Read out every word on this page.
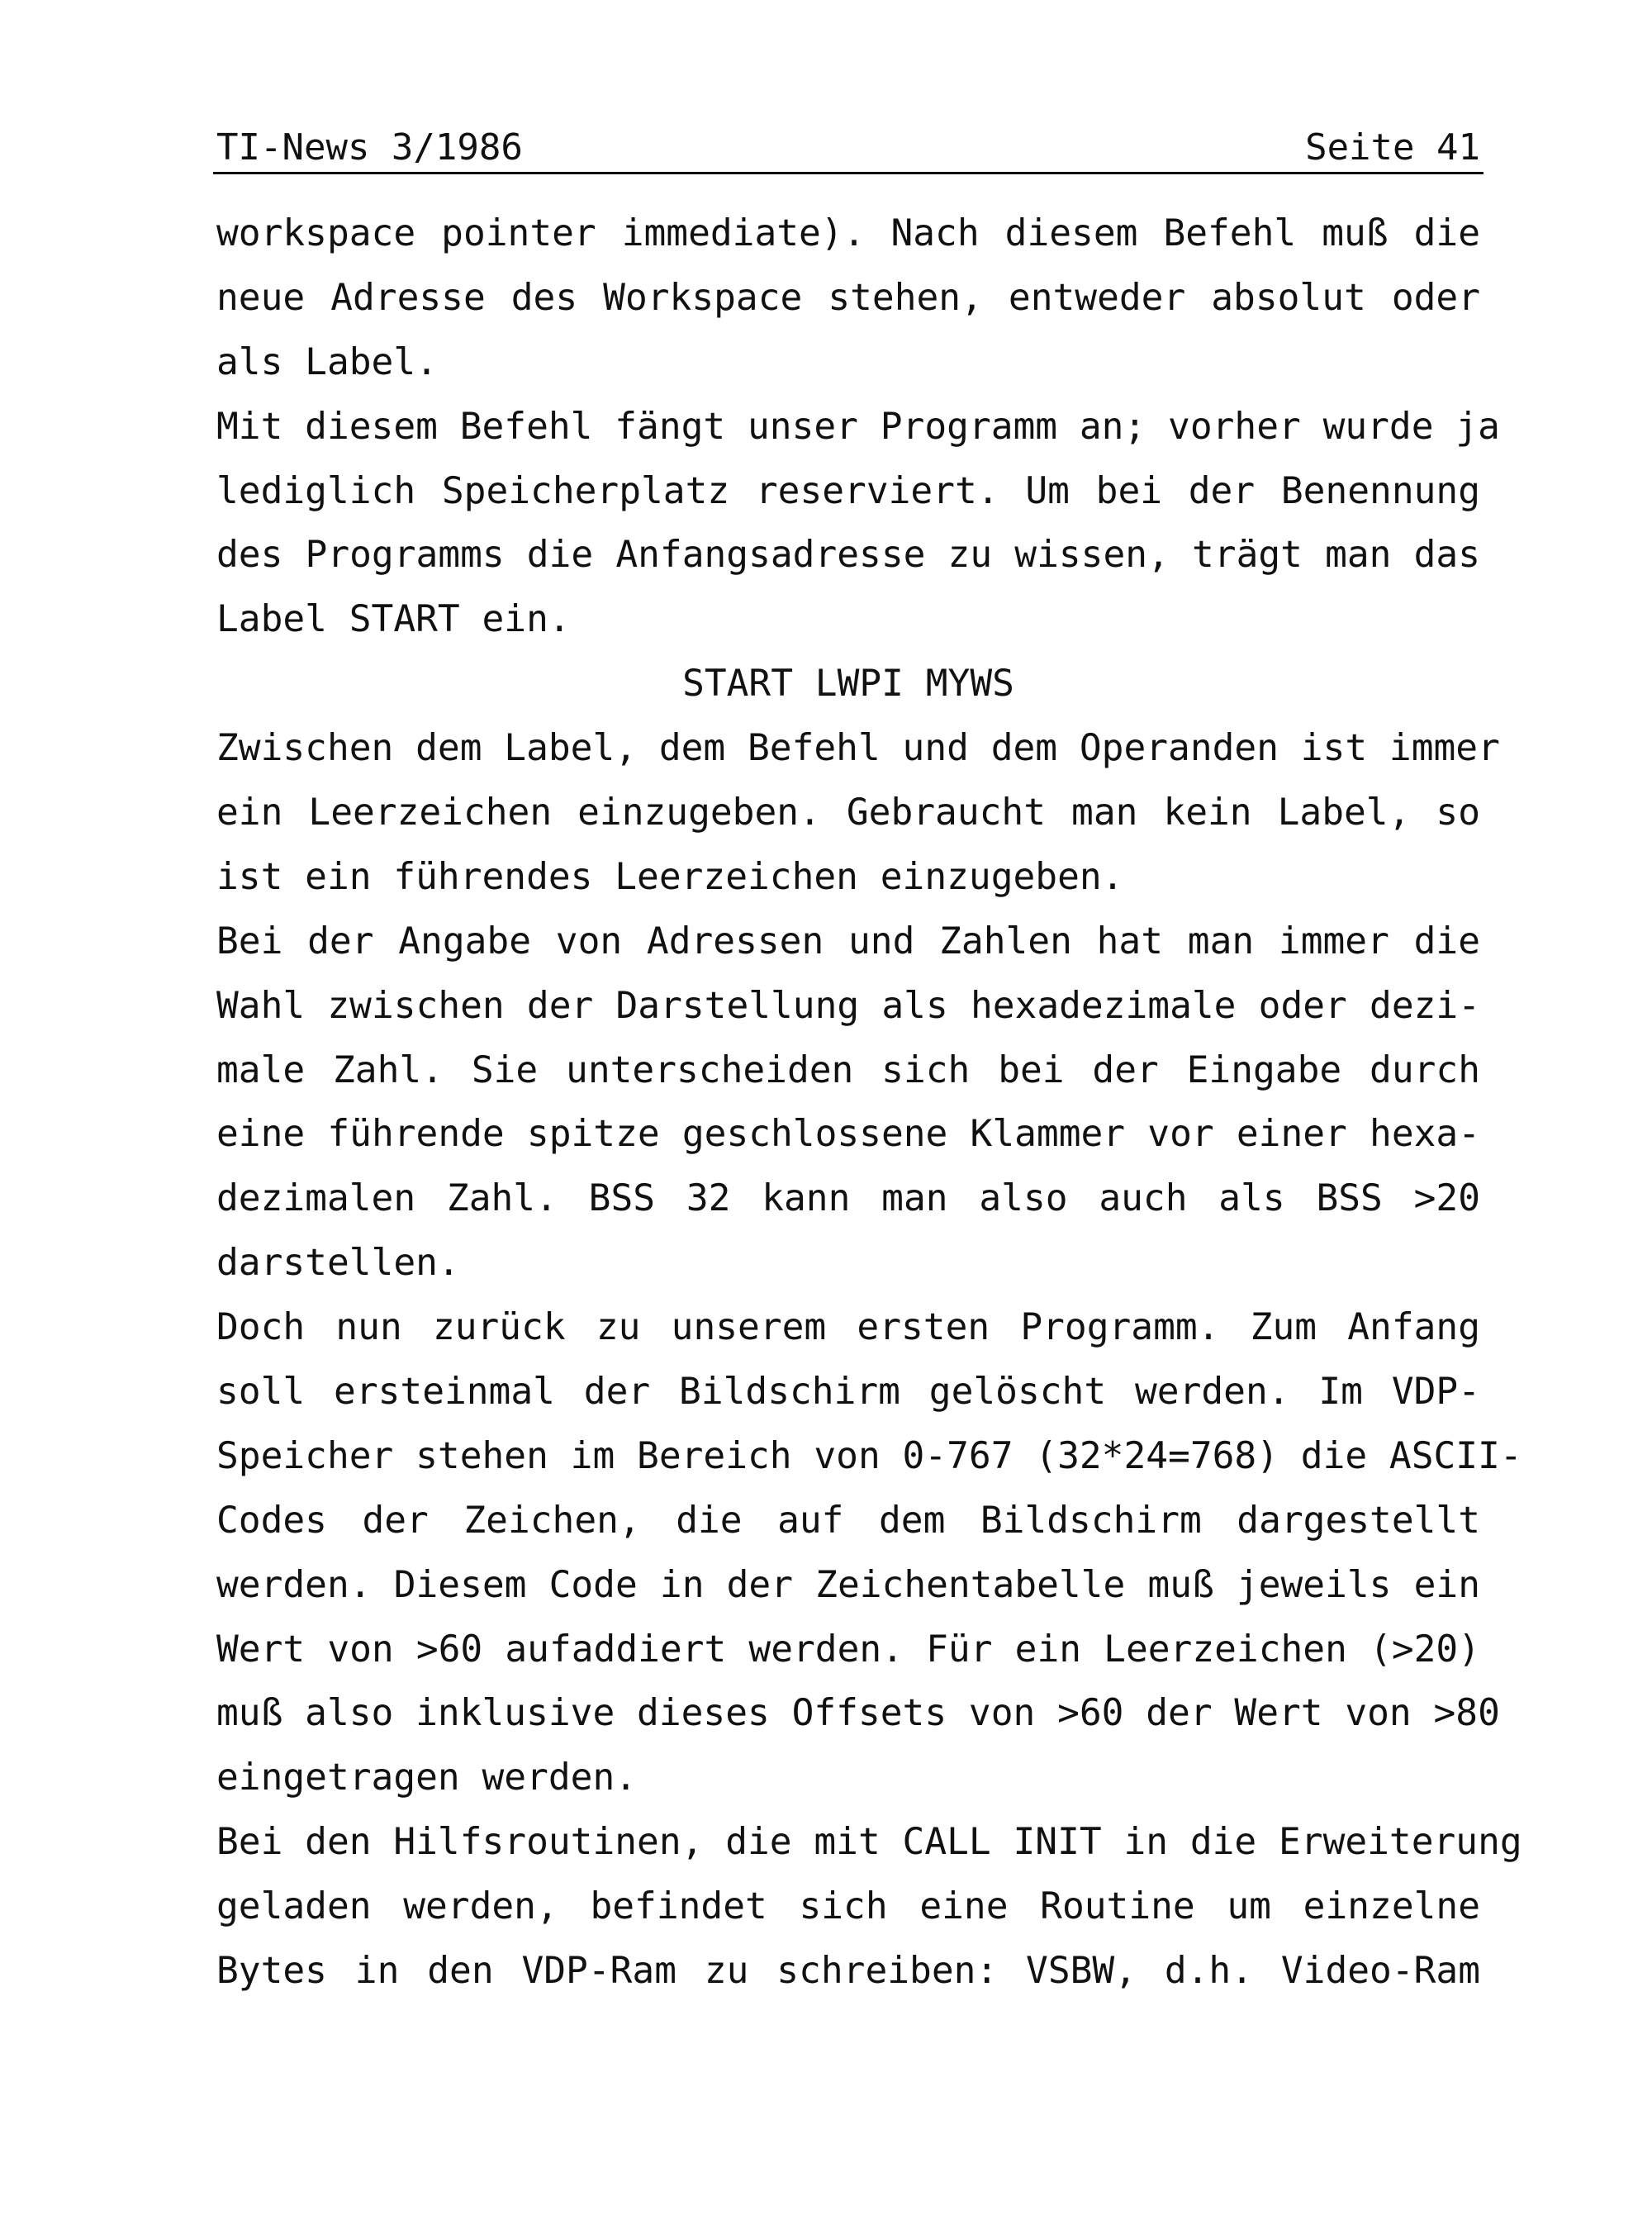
TI-News 3/1986	Seite 41
workspace pointer immediate). Nach diesem Befehl muß die
neue Adresse des Workspace stehen, entweder absolut oder
als Label.
Mit diesem Befehl fängt unser Programm an; vorher wurde ja
lediglich Speicherplatz reserviert. Um bei der Benennung
des Programms die Anfangsadresse zu wissen, trägt man das
Label START ein.
START LWPI MYWS
Zwischen dem Label, dem Befehl und dem Operanden ist immer
ein Leerzeichen einzugeben. Gebraucht man kein Label, so
ist ein führendes Leerzeichen einzugeben.
Bei der Angabe von Adressen und Zahlen hat man immer die
Wahl zwischen der Darstellung als hexadezimale oder dezi-
male Zahl. Sie unterscheiden sich bei der Eingabe durch
eine führende spitze geschlossene Klammer vor einer hexa-
dezimalen Zahl. BSS 32 kann man also auch als BSS >20
darstellen.
Doch nun zurück zu unserem ersten Programm. Zum Anfang
soll ersteinmal der Bildschirm gelöscht werden. Im VDP-
Speicher stehen im Bereich von 0-767 (32*24=768) die ASCII-
Codes der Zeichen, die auf dem Bildschirm dargestellt
werden. Diesem Code in der Zeichentabelle muß jeweils ein
Wert von >60 aufaddiert werden. Für ein Leerzeichen (>20)
muß also inklusive dieses Offsets von >60 der Wert von >80
eingetragen werden.
Bei den Hilfsroutinen, die mit CALL INIT in die Erweiterung
geladen werden, befindet sich eine Routine um einzelne
Bytes in den VDP-Ram zu schreiben: VSBW, d.h. Video-Ram
